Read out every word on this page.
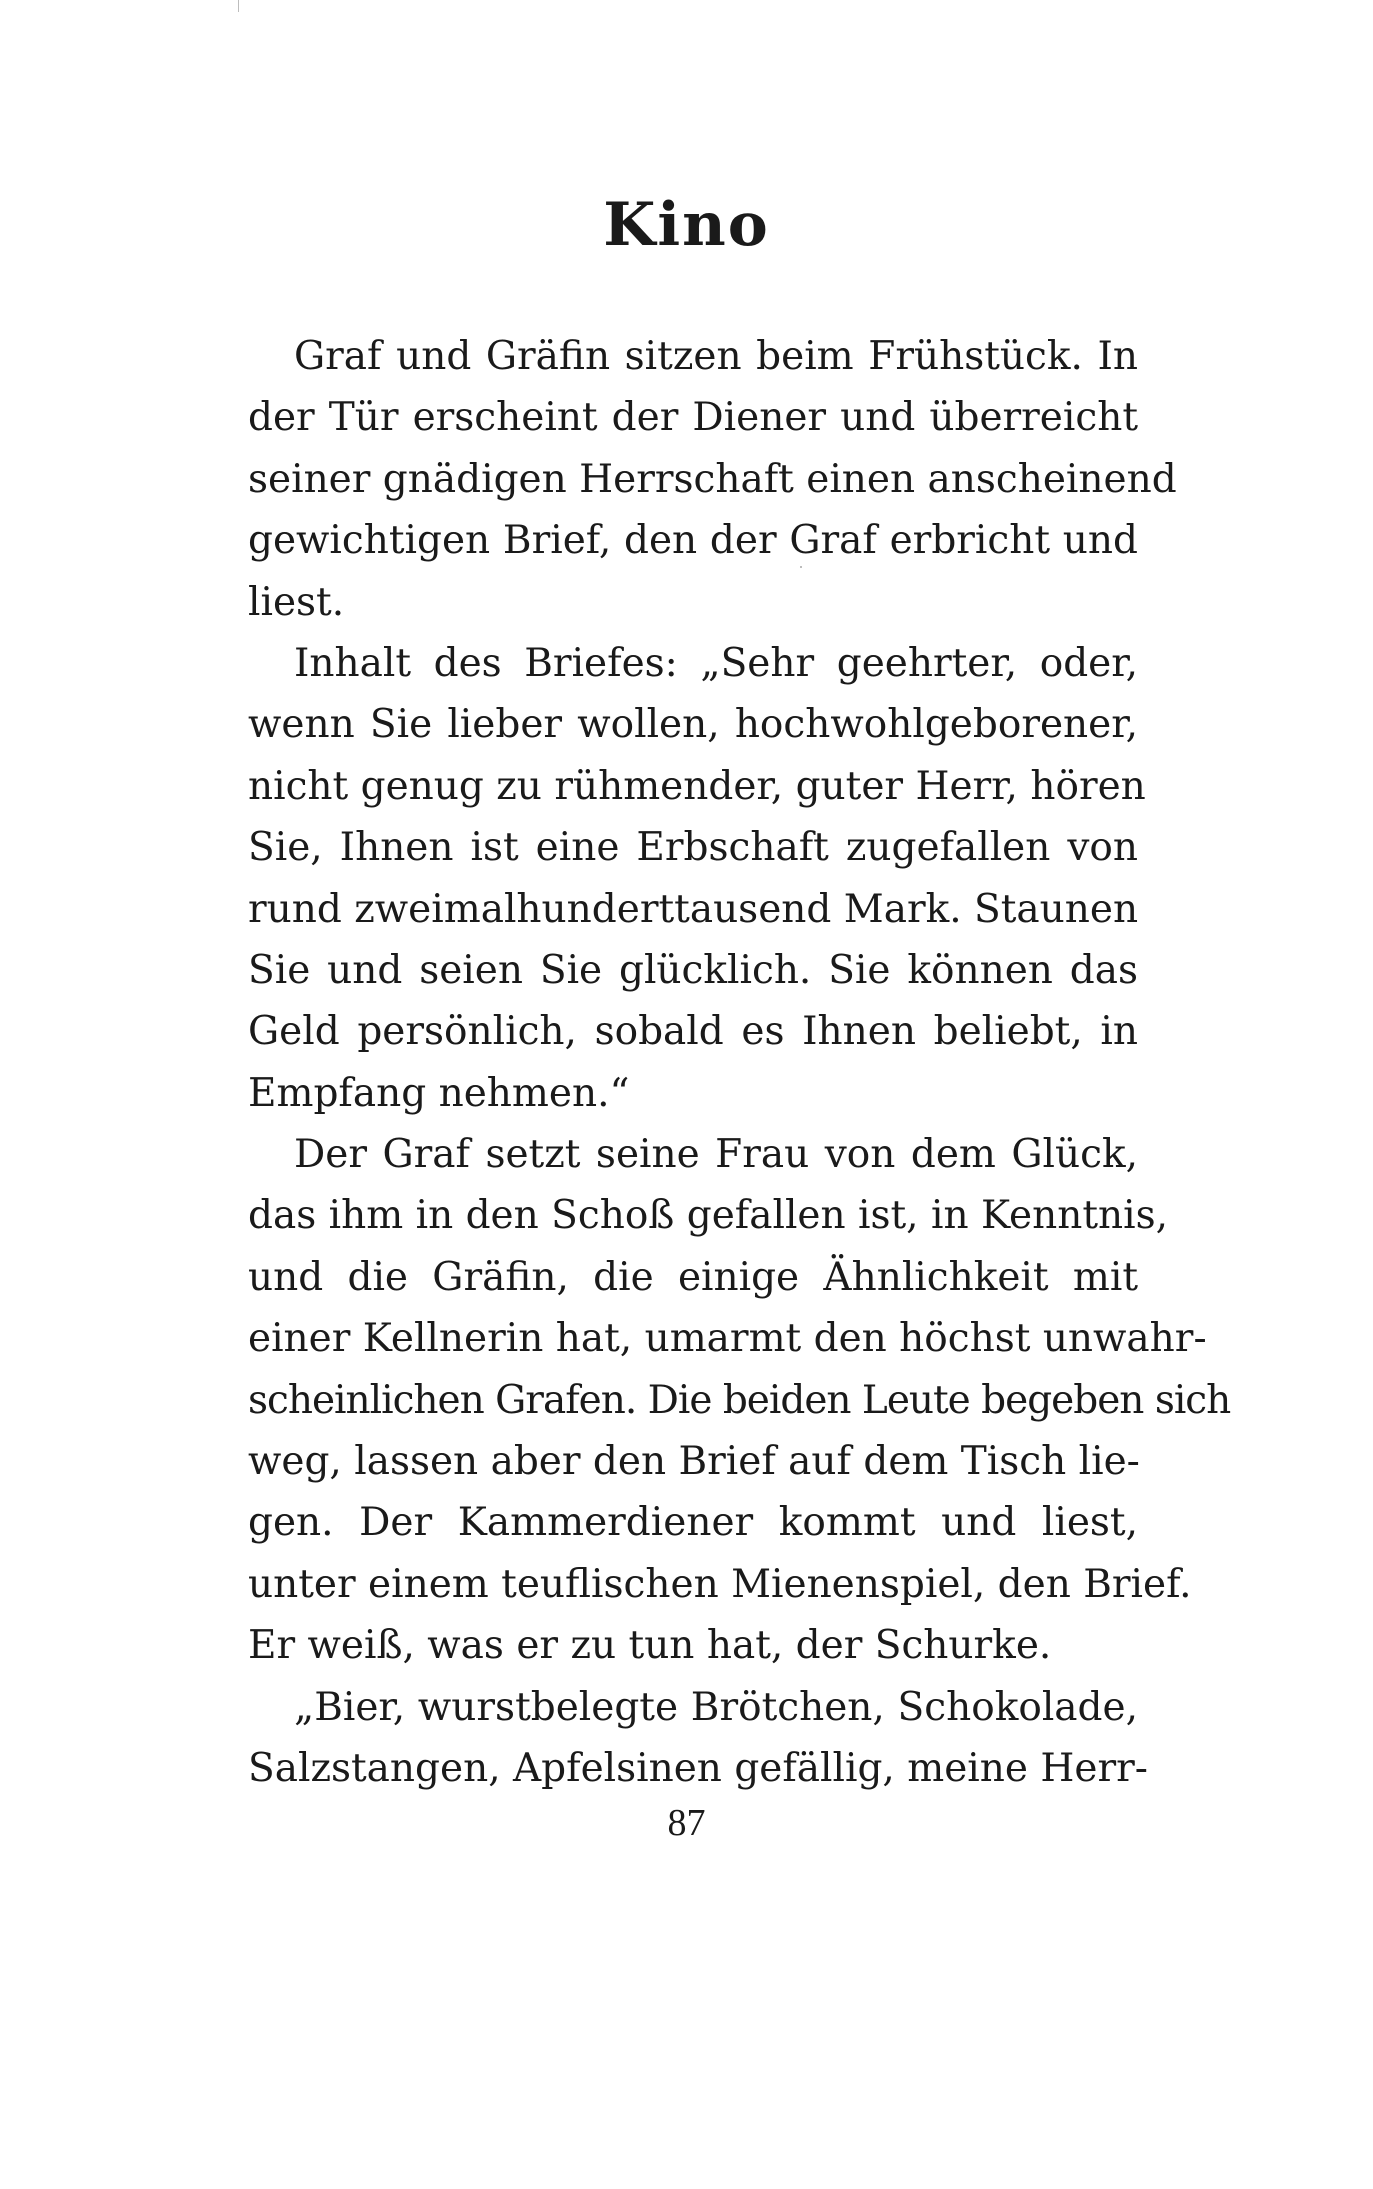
Kino
Graf und Gräfin sitzen beim Frühstück. In
der Tür erscheint der Diener und überreicht
seiner gnädigen Herrschaft einen anscheinend
gewichtigen Brief, den der Graf erbricht und
liest.
Inhalt des Briefes: „Sehr geehrter, oder,
wenn Sie lieber wollen, hochwohlgeborener,
nicht genug zu rühmender, guter Herr, hören
Sie, Ihnen ist eine Erbschaft zugefallen von
rund zweimalhunderttausend Mark. Staunen
Sie und seien Sie glücklich. Sie können das
Geld persönlich, sobald es Ihnen beliebt, in
Empfang nehmen.“
Der Graf setzt seine Frau von dem Glück,
das ihm in den Schoß gefallen ist, in Kenntnis,
und die Gräfin, die einige Ähnlichkeit mit
einer Kellnerin hat, umarmt den höchst unwahr-
scheinlichen Grafen. Die beiden Leute begeben sich
weg, lassen aber den Brief auf dem Tisch lie-
gen. Der Kammerdiener kommt und liest,
unter einem teuflischen Mienenspiel, den Brief.
Er weiß, was er zu tun hat, der Schurke.
„Bier, wurstbelegte Brötchen, Schokolade,
Salzstangen, Apfelsinen gefällig, meine Herr-
87
